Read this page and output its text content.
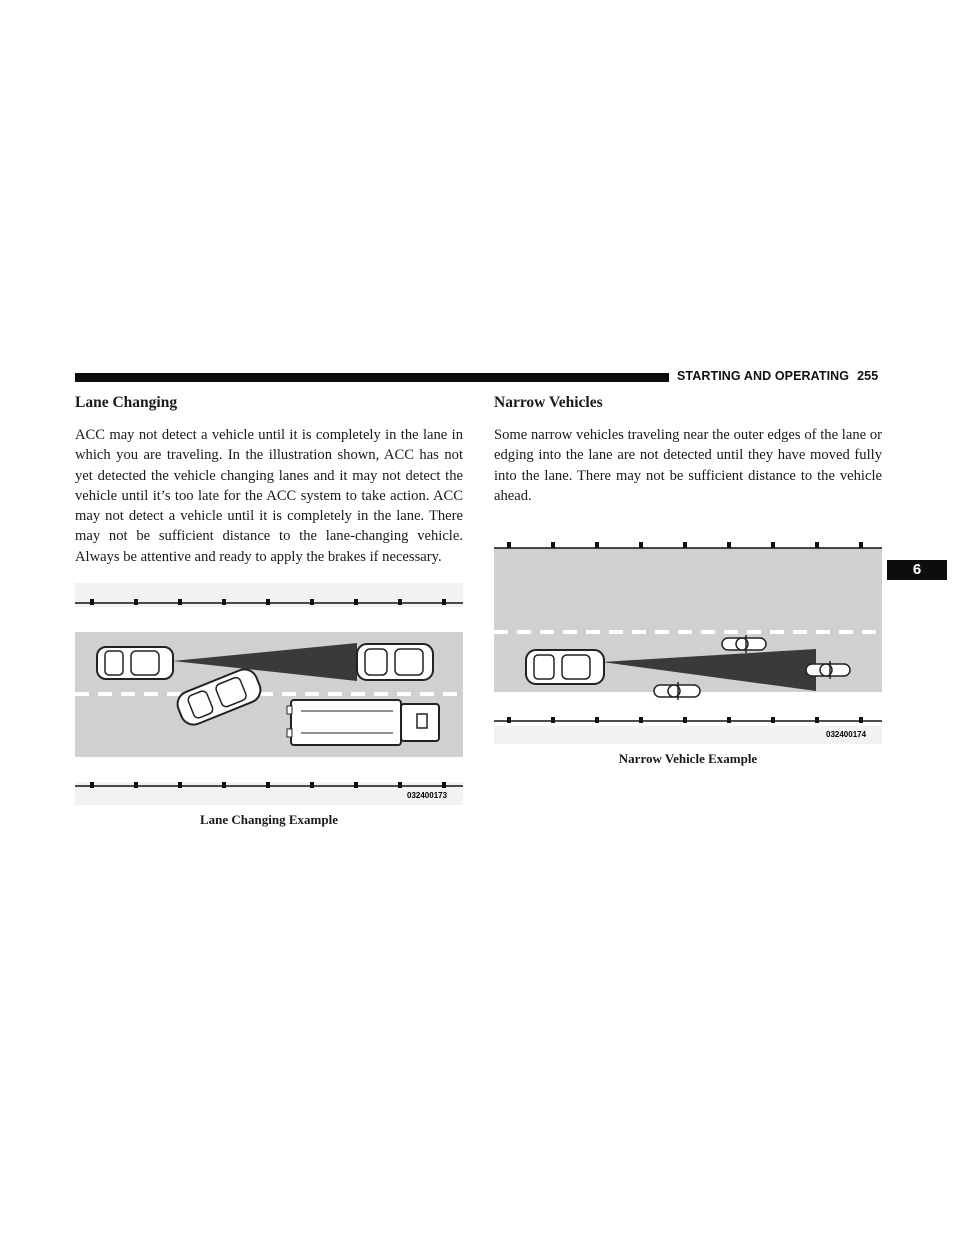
STARTING AND OPERATING 255
6
Lane Changing

ACC may not detect a vehicle until it is completely in the lane in which you are traveling. In the illustration shown, ACC has not yet detected the vehicle changing lanes and it may not detect the vehicle until it’s too late for the ACC system to take action. ACC may not detect a vehicle until it is completely in the lane. There may not be sufficient distance to the lane-changing vehicle. Always be attentive and ready to apply the brakes if necessary.

032400173
Lane Changing Example
Narrow Vehicles

Some narrow vehicles traveling near the outer edges of the lane or edging into the lane are not detected until they have moved fully into the lane. There may not be sufficient distance to the vehicle ahead.

032400174
Narrow Vehicle Example
